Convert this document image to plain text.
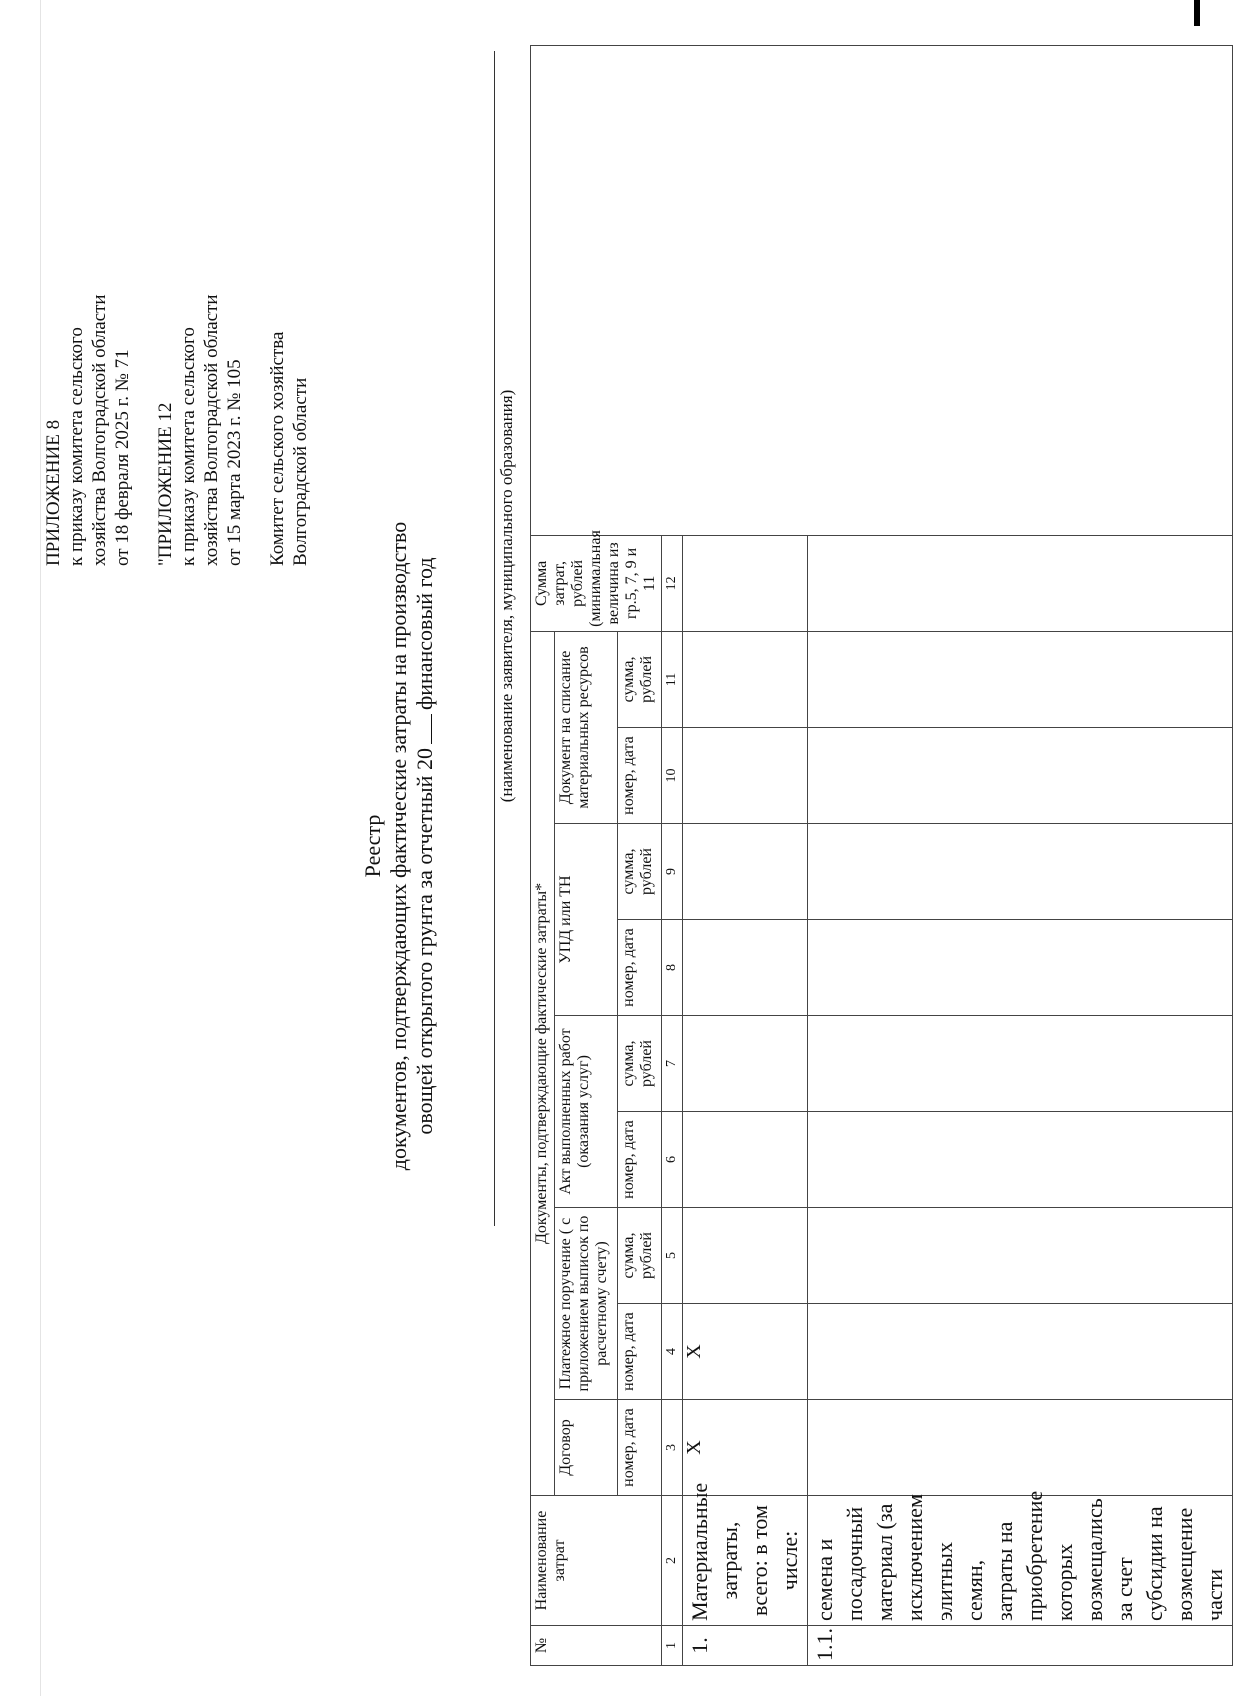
ПРИЛОЖЕНИЕ 8 к приказу комитета сельского хозяйства Волгоградской области от 18 февраля 2025 г. № 71 "ПРИЛОЖЕНИЕ 12 к приказу комитета сельского хозяйства Волгоградской области от 15 марта 2023 г. № 105 Комитет сельского хозяйства Волгоградской области

Реестр документов, подтверждающих фактические затраты на производство овощей открытого грунта за отчетный 20финансовый год	(наименование заявителя, муниципального образования)
№	Наименование затрат	Документы, подтверждающие фактические затраты*									Сумма затрат, рублей (минимальная величина из гр.5, 7, 9 и 11	
		Договор	Платежное поручение ( с приложением выписок по расчетному счету)		Акт выполненных работ (оказания услуг)		УПД или ТН		Документ на списание материальных ресурсов			
		номер, дата	номер, дата	сумма, рублей	номер, дата	сумма, рублей	номер, дата	сумма, рублей	номер, дата	сумма, рублей		
1	2	3	4	5	6	7	8	9	10	11	12	
1.	Материальные затраты, всего: в том числе:	Х	Х									
1.1.	семена и посадочный материал (за исключением элитных семян, затраты на приобретение которых возмещались за счет субсидии на возмещение части											
